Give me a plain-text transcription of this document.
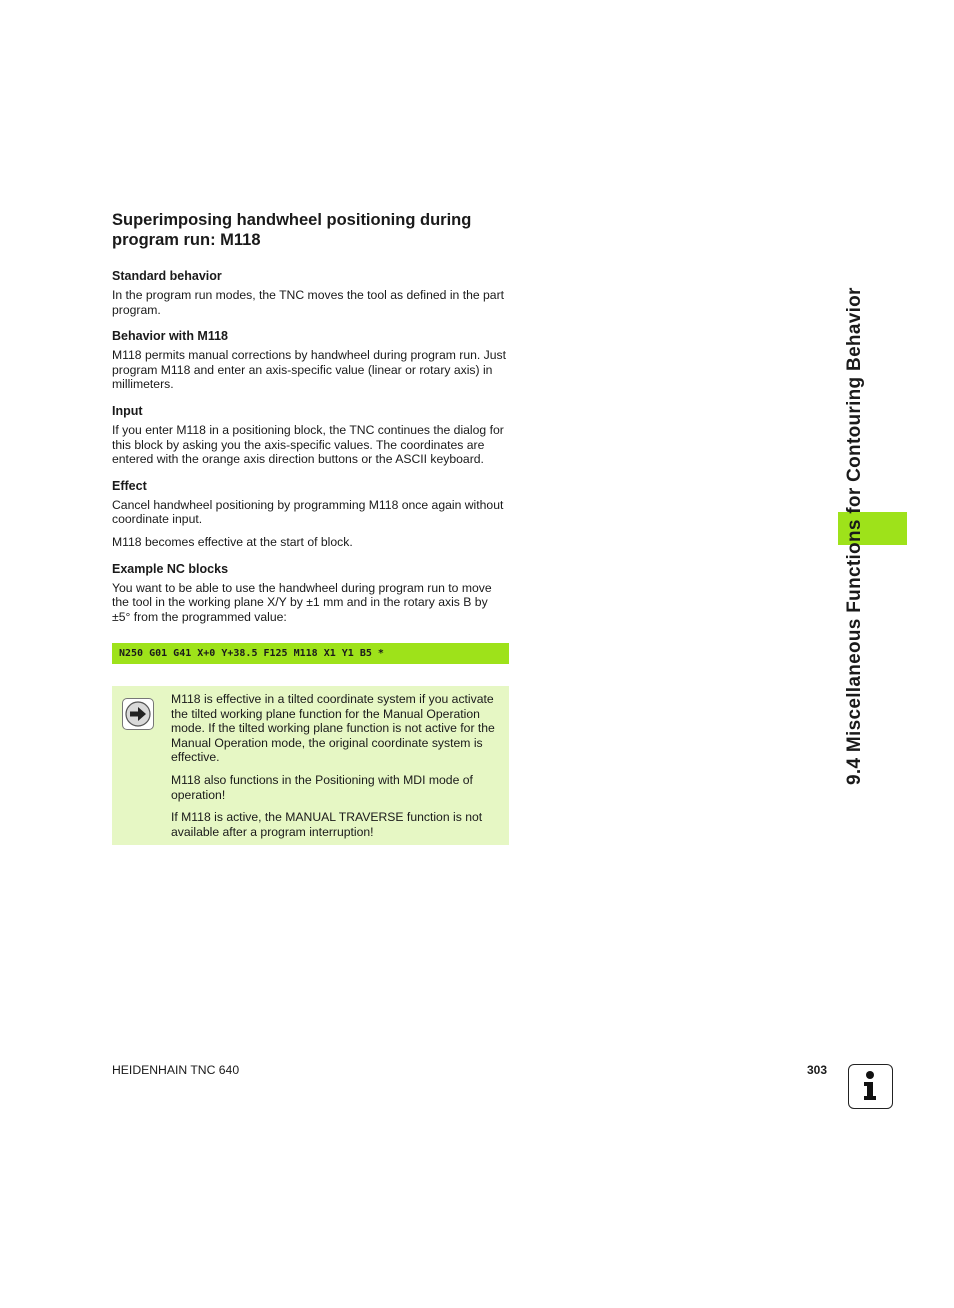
9.4 Miscellaneous Functions for Contouring Behavior
Superimposing handwheel positioning during program run: M118
Standard behavior

In the program run modes, the TNC moves the tool as defined in the part program.

Behavior with M118

M118 permits manual corrections by handwheel during program run. Just program M118 and enter an axis-specific value (linear or rotary axis) in millimeters.

Input

If you enter M118 in a positioning block, the TNC continues the dialog for this block by asking you the axis-specific values. The coordinates are entered with the orange axis direction buttons or the ASCII keyboard.

Effect

Cancel handwheel positioning by programming M118 once again without coordinate input.

M118 becomes effective at the start of block.

Example NC blocks

You want to be able to use the handwheel during program run to move the tool in the working plane X/Y by ±1 mm and in the rotary axis B by ±5° from the programmed value:

N250 G01 G41 X+0 Y+38.5 F125 M118 X1 Y1 B5 *

M118 is effective in a tilted coordinate system if you activate the tilted working plane function for the Manual Operation mode. If the tilted working plane function is not active for the Manual Operation mode, the original coordinate system is effective.

M118 also functions in the Positioning with MDI mode of operation!

If M118 is active, the MANUAL TRAVERSE function is not available after a program interruption!

HEIDENHAIN TNC 640	303
